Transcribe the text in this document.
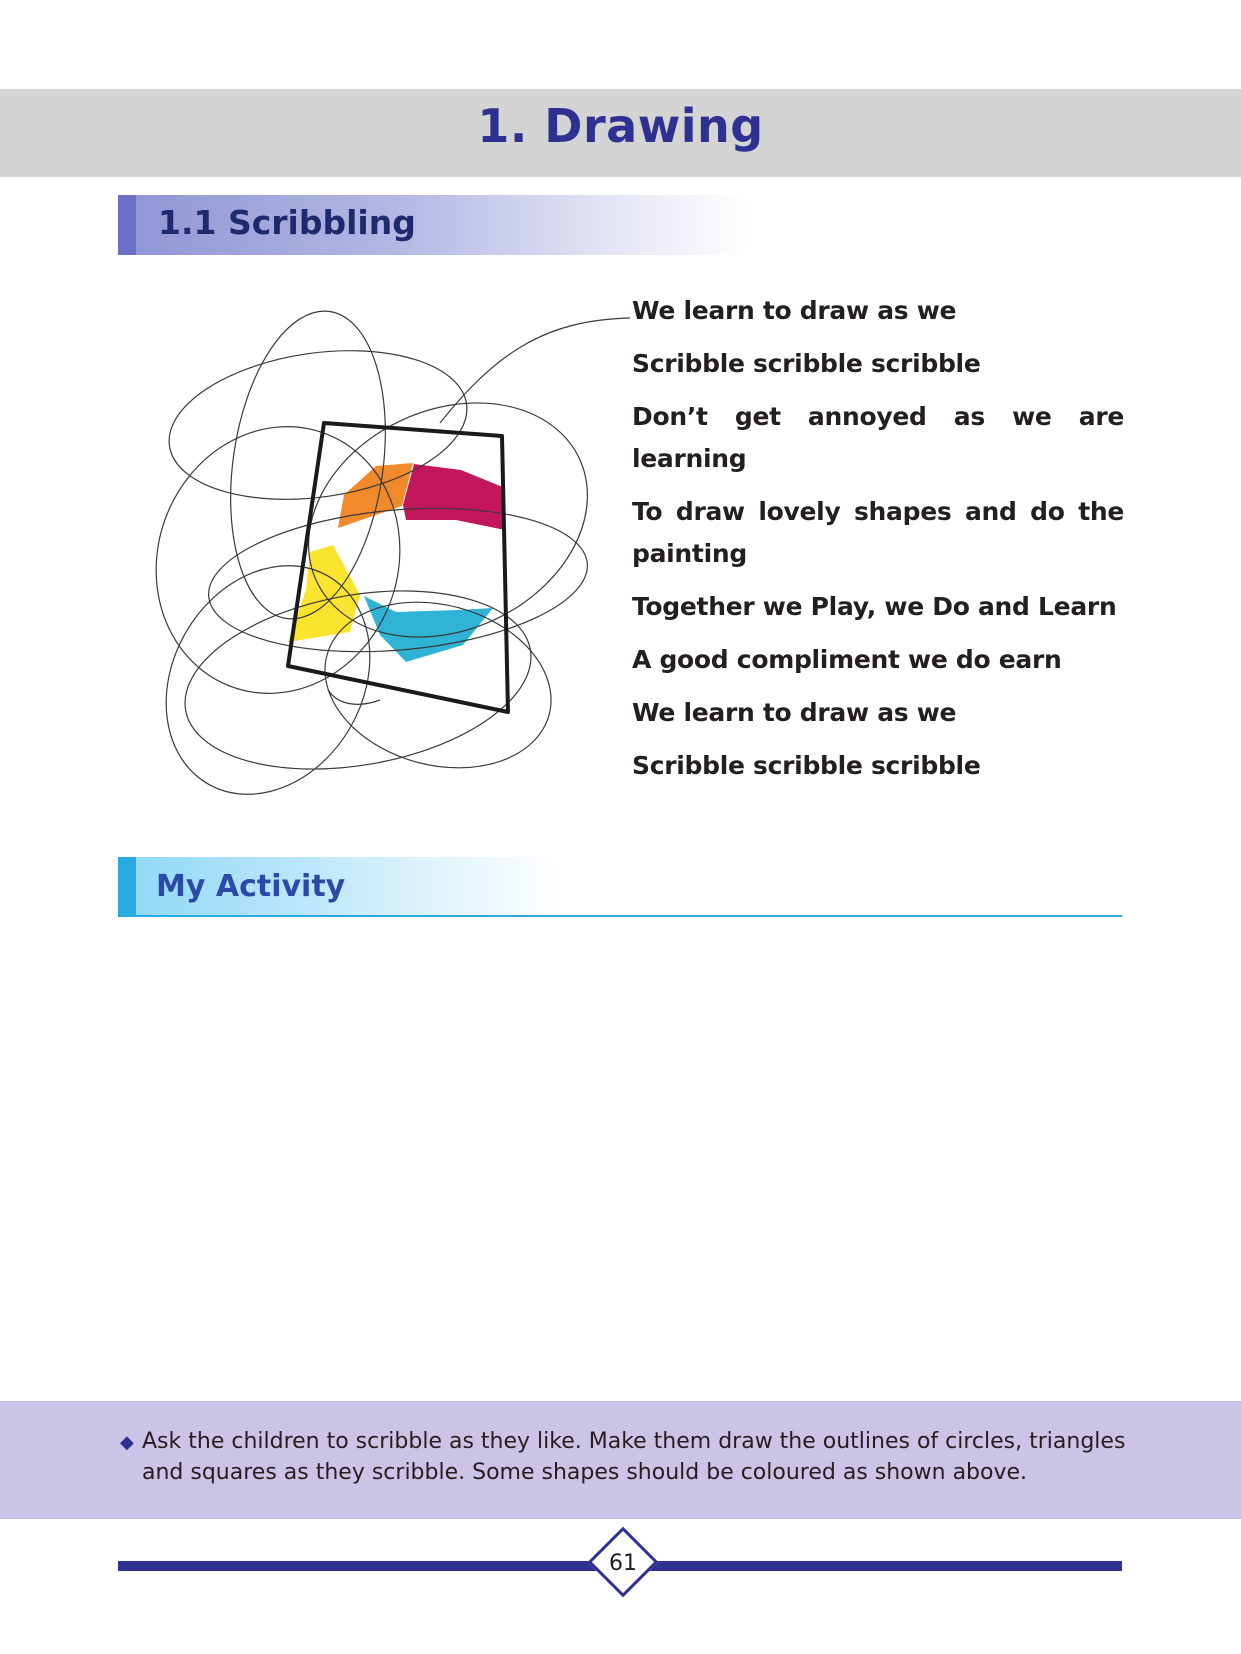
1. Drawing
1.1 Scribbling
We learn to draw as we
Scribble scribble scribble
Don’t get annoyed as we are learning
To draw lovely shapes and do the painting
Together we Play, we Do and Learn
A good compliment we do earn
We learn to draw as we
Scribble scribble scribble
My Activity
◆ Ask the children to scribble as they like. Make them draw the outlines of circles, triangles and squares as they scribble. Some shapes should be coloured as shown above.
61
